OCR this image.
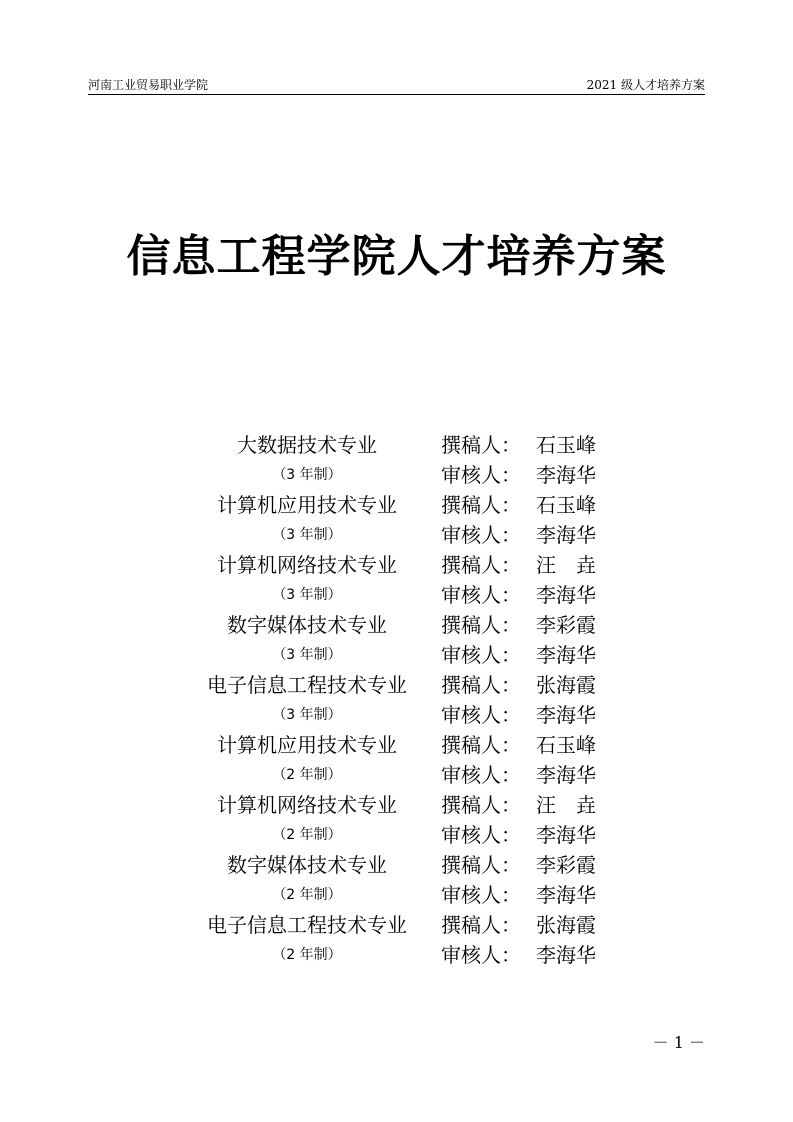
河南工业贸易职业学院	2021 级人才培养方案
信息工程学院人才培养方案
大数据技术专业	撰稿人： 石玉峰
（3 年制）	审核人： 李海华
计算机应用技术专业	撰稿人： 石玉峰
（3 年制）	审核人： 李海华
计算机网络技术专业	撰稿人： 汪　垚
（3 年制）	审核人： 李海华
数字媒体技术专业	撰稿人： 李彩霞
（3 年制）	审核人： 李海华
电子信息工程技术专业	撰稿人： 张海霞
（3 年制）	审核人： 李海华
计算机应用技术专业	撰稿人： 石玉峰
（2 年制）	审核人： 李海华
计算机网络技术专业	撰稿人： 汪　垚
（2 年制）	审核人： 李海华
数字媒体技术专业	撰稿人： 李彩霞
（2 年制）	审核人： 李海华
电子信息工程技术专业	撰稿人： 张海霞
（2 年制）	审核人： 李海华
－ 1 －
